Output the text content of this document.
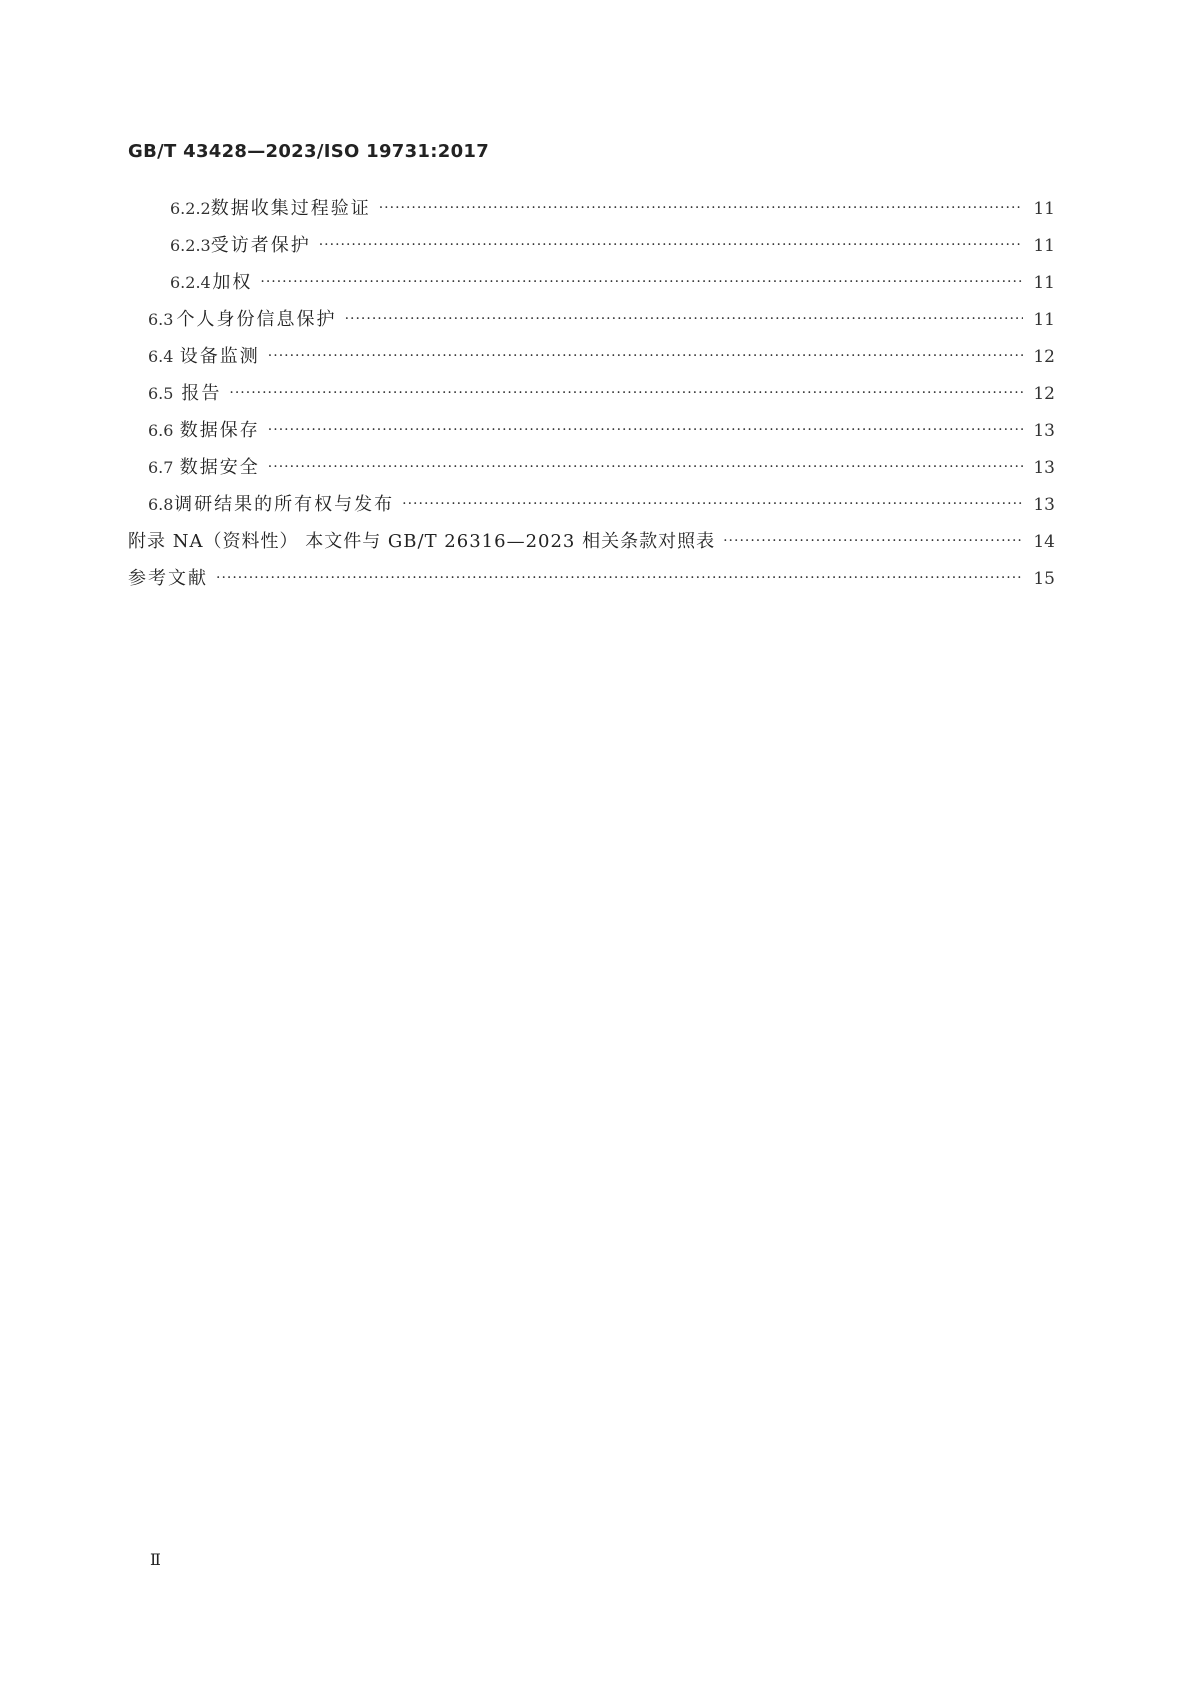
GB/T 43428—2023/ISO 19731:2017
6.2.2 数据收集过程验证 ·····	11
6.2.3 受访者保护 ·····	11
6.2.4 加权 ·····	11
6.3 个人身份信息保护 ·····	11
6.4 设备监测 ·····	12
6.5 报告 ·····	12
6.6 数据保存 ·····	13
6.7 数据安全 ·····	13
6.8 调研结果的所有权与发布 ·····	13
附录 NA（资料性） 本文件与 GB/T 26316—2023 相关条款对照表 ·····	14
参考文献 ·····	15
Ⅱ
